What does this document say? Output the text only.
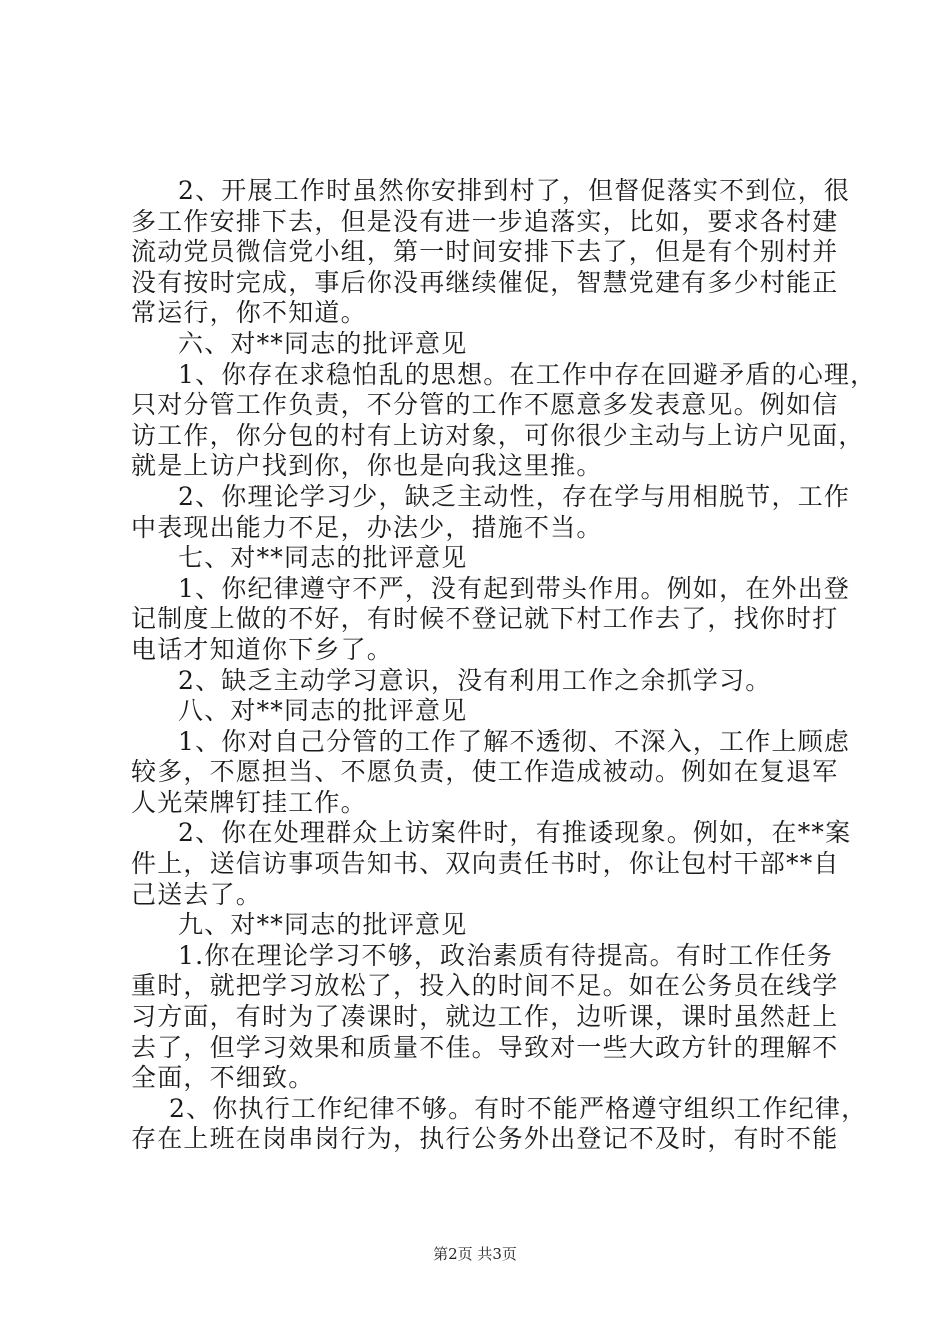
2、开展工作时虽然你安排到村了，但督促落实不到位，很
多工作安排下去，但是没有进一步追落实，比如，要求各村建
流动党员微信党小组，第一时间安排下去了，但是有个别村并
没有按时完成，事后你没再继续催促，智慧党建有多少村能正
常运行，你不知道。
六、对**同志的批评意见
1、你存在求稳怕乱的思想。在工作中存在回避矛盾的心理，
只对分管工作负责，不分管的工作不愿意多发表意见。例如信
访工作，你分包的村有上访对象，可你很少主动与上访户见面，
就是上访户找到你，你也是向我这里推。
2、你理论学习少，缺乏主动性，存在学与用相脱节，工作
中表现出能力不足，办法少，措施不当。
七、对**同志的批评意见
1、你纪律遵守不严，没有起到带头作用。例如，在外出登
记制度上做的不好，有时候不登记就下村工作去了，找你时打
电话才知道你下乡了。
2、缺乏主动学习意识，没有利用工作之余抓学习。
八、对**同志的批评意见
1、你对自己分管的工作了解不透彻、不深入，工作上顾虑
较多，不愿担当、不愿负责，使工作造成被动。例如在复退军
人光荣牌钉挂工作。
2、你在处理群众上访案件时，有推诿现象。例如，在**案
件上，送信访事项告知书、双向责任书时，你让包村干部**自
己送去了。
九、对**同志的批评意见
1.你在理论学习不够，政治素质有待提高。有时工作任务
重时，就把学习放松了，投入的时间不足。如在公务员在线学
习方面，有时为了凑课时，就边工作，边听课，课时虽然赶上
去了，但学习效果和质量不佳。导致对一些大政方针的理解不
全面，不细致。
2、你执行工作纪律不够。有时不能严格遵守组织工作纪律，
存在上班在岗串岗行为，执行公务外出登记不及时，有时不能
第2页 共3页
